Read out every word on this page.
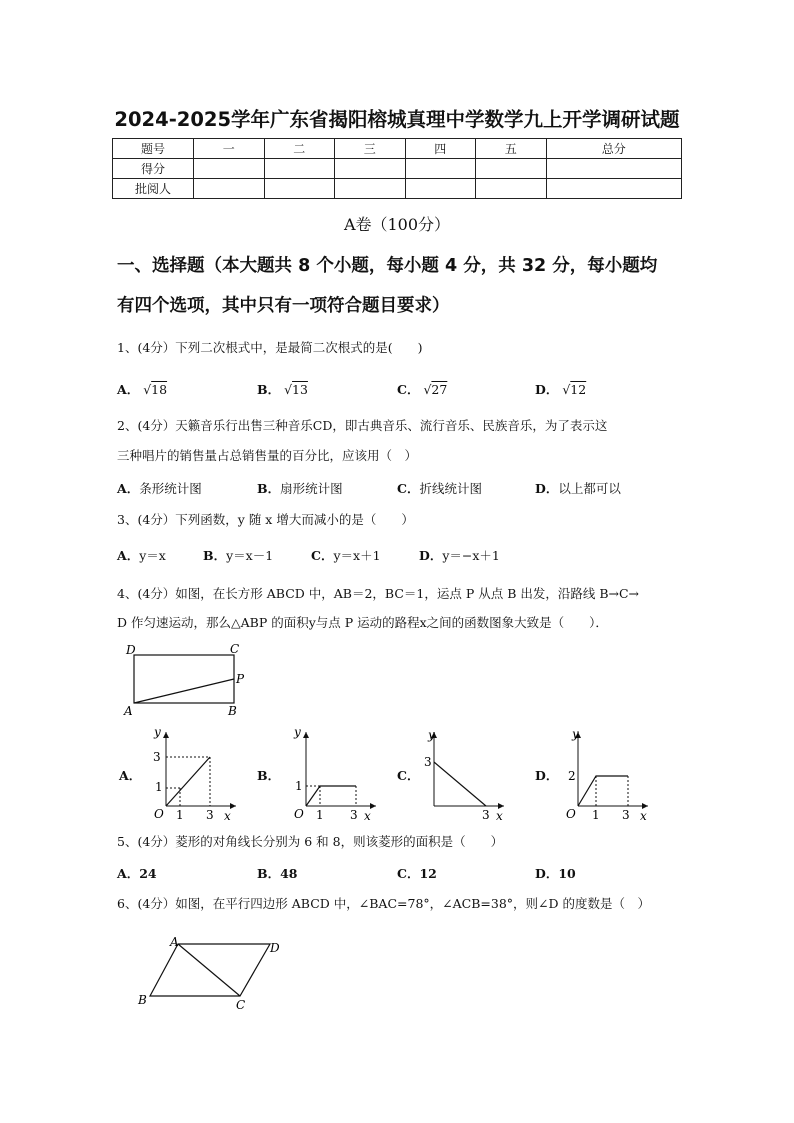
2024-2025学年广东省揭阳榕城真理中学数学九上开学调研试题
题号	一	二	三	四	五	总分
得分						
批阅人						
A卷（100分）
一、选择题（本大题共 8 个小题，每小题 4 分，共 32 分，每小题均
有四个选项，其中只有一项符合题目要求）
1、(4分）下列二次根式中，是最简二次根式的是(　　)
A． √18	B． √13	C． √27	D． √12
2、(4分）天籁音乐行出售三种音乐CD，即古典音乐、流行音乐、民族音乐，为了表示这
三种唱片的销售量占总销售量的百分比，应该用（　）
A．条形统计图	B．扇形统计图	C．折线统计图	D．以上都可以
3、(4分）下列函数，y 随 x 增大而减小的是（　　）
A．y＝x	B．y＝x－1	C．y＝x＋1	D．y＝−x＋1
4、(4分）如图，在长方形 ABCD 中，AB＝2，BC＝1，运点 P 从点 B 出发，沿路线 B→C→
D 作匀速运动，那么△ABP 的面积y与点 P 运动的路程x之间的函数图象大致是（　　）．
D	C
P
A	B
A．	B．	C．	D．
y
x
O
3
1
1 3
y
x
O
1
1 3
y
x
3
3
y
x
O
2
1 3
5、(4分）菱形的对角线长分别为 6 和 8，则该菱形的面积是（　　）
A．24	B．48	C．12	D．10
6、(4分）如图，在平行四边形 ABCD 中，∠BAC=78°，∠ACB=38°，则∠D 的度数是（　）
A	D
B	C
